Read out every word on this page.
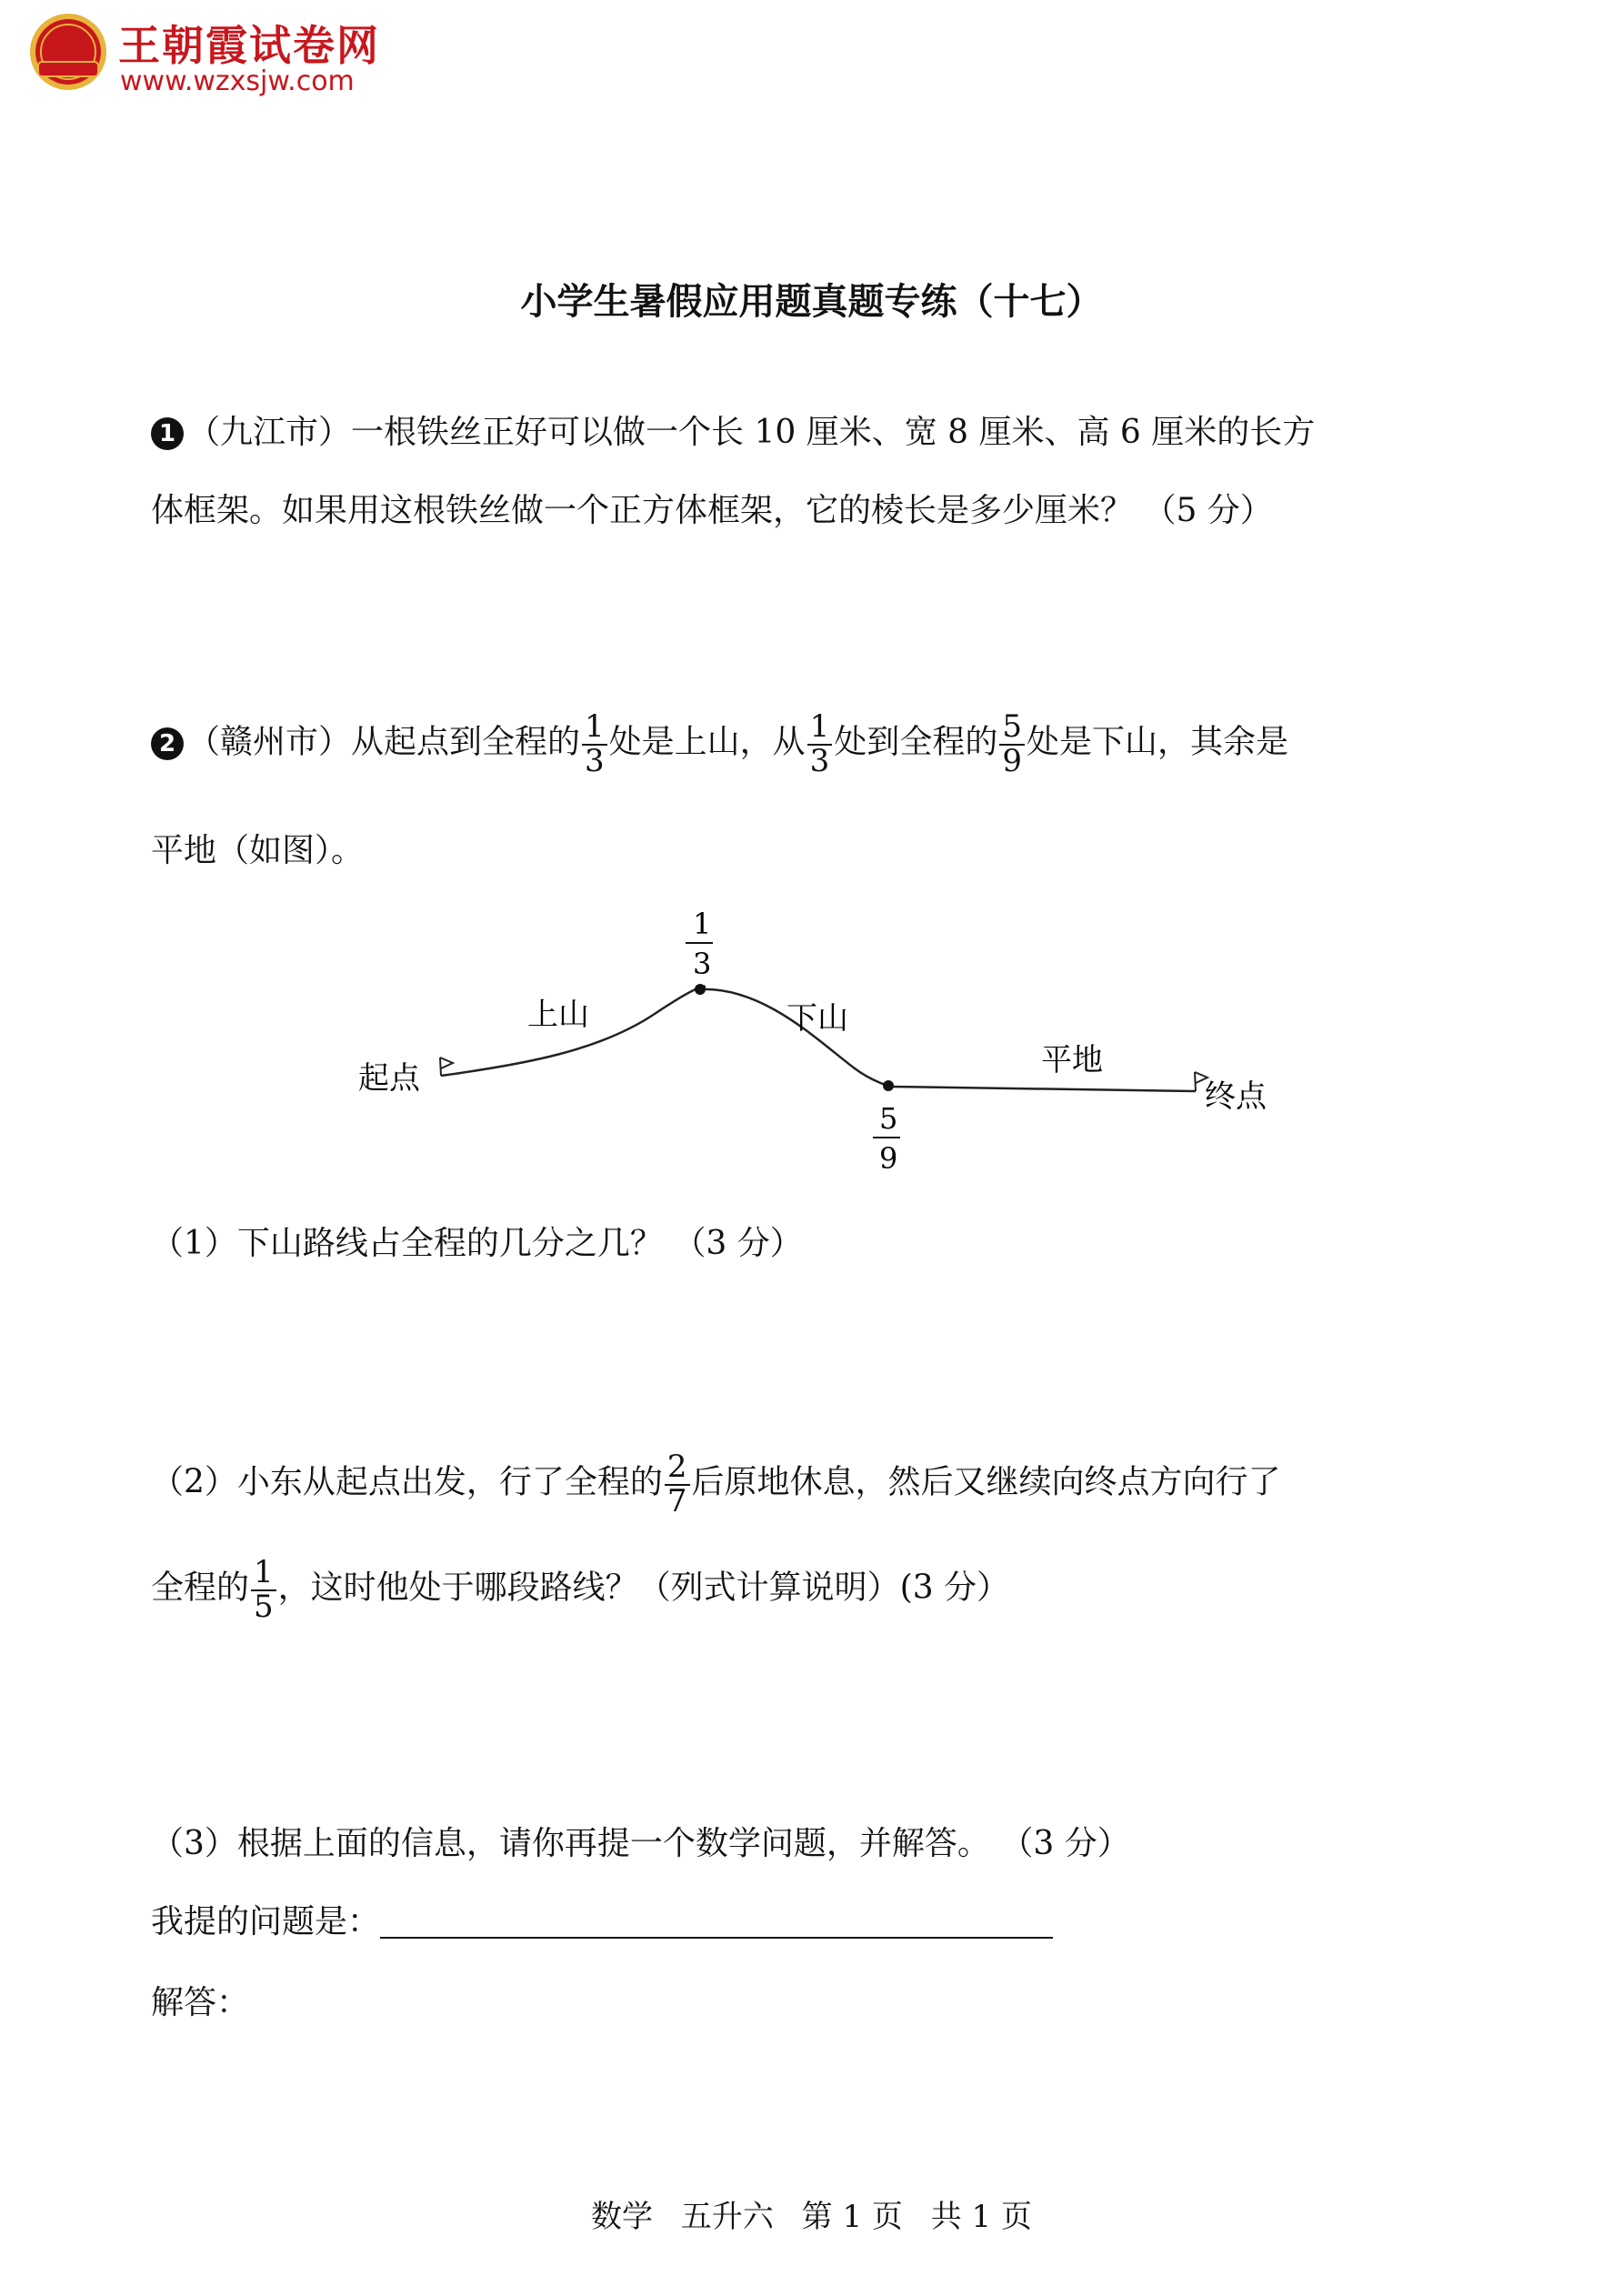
王朝霞试卷网
www.wzxsjw.com
小学生暑假应用题真题专练（十七）
1 （九江市）一根铁丝正好可以做一个长 10 厘米、宽 8 厘米、高 6 厘米的长方
体框架。如果用这根铁丝做一个正方体框架，它的棱长是多少厘米？ （5 分）
2 （赣州市）从起点到全程的 $\frac{1}{3}$ 处是上山，从 $\frac{1}{3}$ 处到全程的 $\frac{5}{9}$ 处是下山，其余是
平地（如图）。
起点	终点
上山	下山
平地
1
3
5
9
（1）下山路线占全程的几分之几？ （3 分）
（2）小东从起点出发，行了全程的 $\frac{2}{7}$ 后原地休息，然后又继续向终点方向行了
全程的 $\frac{1}{5}$ ，这时他处于哪段路线？（列式计算说明）(3 分）
（3）根据上面的信息，请你再提一个数学问题，并解答。 （3 分）
我提的问题是：
解答：
数学 五升六 第 1 页 共 1 页
